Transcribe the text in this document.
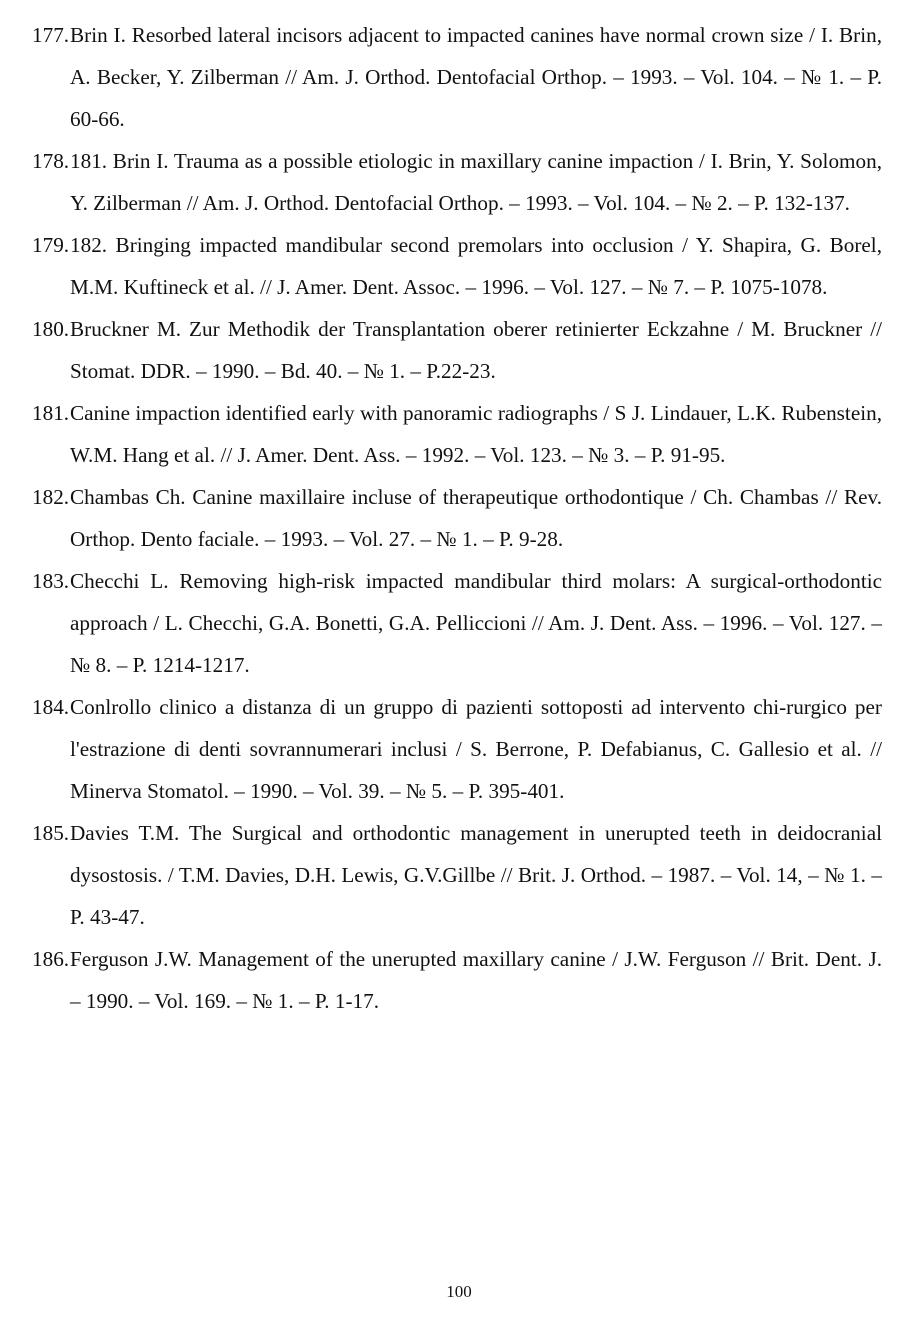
177. Brin I. Resorbed lateral incisors adjacent to impacted canines have normal crown size / I. Brin, A. Becker, Y. Zilberman // Am. J. Orthod. Dentofacial Orthop. – 1993. – Vol. 104. – № 1. – P. 60-66.
178. 181. Brin I. Trauma as a possible etiologic in maxillary canine impaction / I. Brin, Y. Solomon, Y. Zilberman // Am. J. Orthod. Dentofacial Orthop. – 1993. – Vol. 104. – № 2. – P. 132-137.
179. 182. Bringing impacted mandibular second premolars into occlusion / Y. Shapira, G. Borel, M.M. Kuftineck et al. // J. Amer. Dent. Assoc. – 1996. – Vol. 127. – № 7. – P. 1075-1078.
180. Bruckner M. Zur Methodik der Transplantation oberer retinierter Eckzahne / M. Bruckner // Stomat. DDR. – 1990. – Bd. 40. – № 1. – P.22-23.
181. Canine impaction identified early with panoramic radiographs / S J. Lindauer, L.K. Rubenstein, W.M. Hang et al. // J. Amer. Dent. Ass. – 1992. – Vol. 123. – № 3. – P. 91-95.
182. Chambas Ch. Canine maxillaire incluse of therapeutique orthodontique / Ch. Chambas // Rev. Orthop. Dento faciale. – 1993. – Vol. 27. – № 1. – P. 9-28.
183. Checchi L. Removing high-risk impacted mandibular third molars: A surgical-orthodontic approach / L. Checchi, G.A. Bonetti, G.A. Pelliccioni // Am. J. Dent. Ass. – 1996. – Vol. 127. – № 8. – P. 1214-1217.
184. Conlrollo clinico a distanza di un gruppo di pazienti sottoposti ad intervento chi-rurgico per l'estrazione di denti sovrannumerari inclusi / S. Berrone, P. Defabianus, C. Gallesio et al. // Minerva Stomatol. – 1990. – Vol. 39. – № 5. – P. 395-401.
185. Davies T.M. The Surgical and orthodontic management in unerupted teeth in deidocranial dysostosis. / T.M. Davies, D.H. Lewis, G.V.Gillbe // Brit. J. Orthod. – 1987. – Vol. 14, – № 1. – P. 43-47.
186. Ferguson J.W. Management of the unerupted maxillary canine / J.W. Ferguson // Brit. Dent. J. – 1990. – Vol. 169. – № 1. – P. 1-17.
100
